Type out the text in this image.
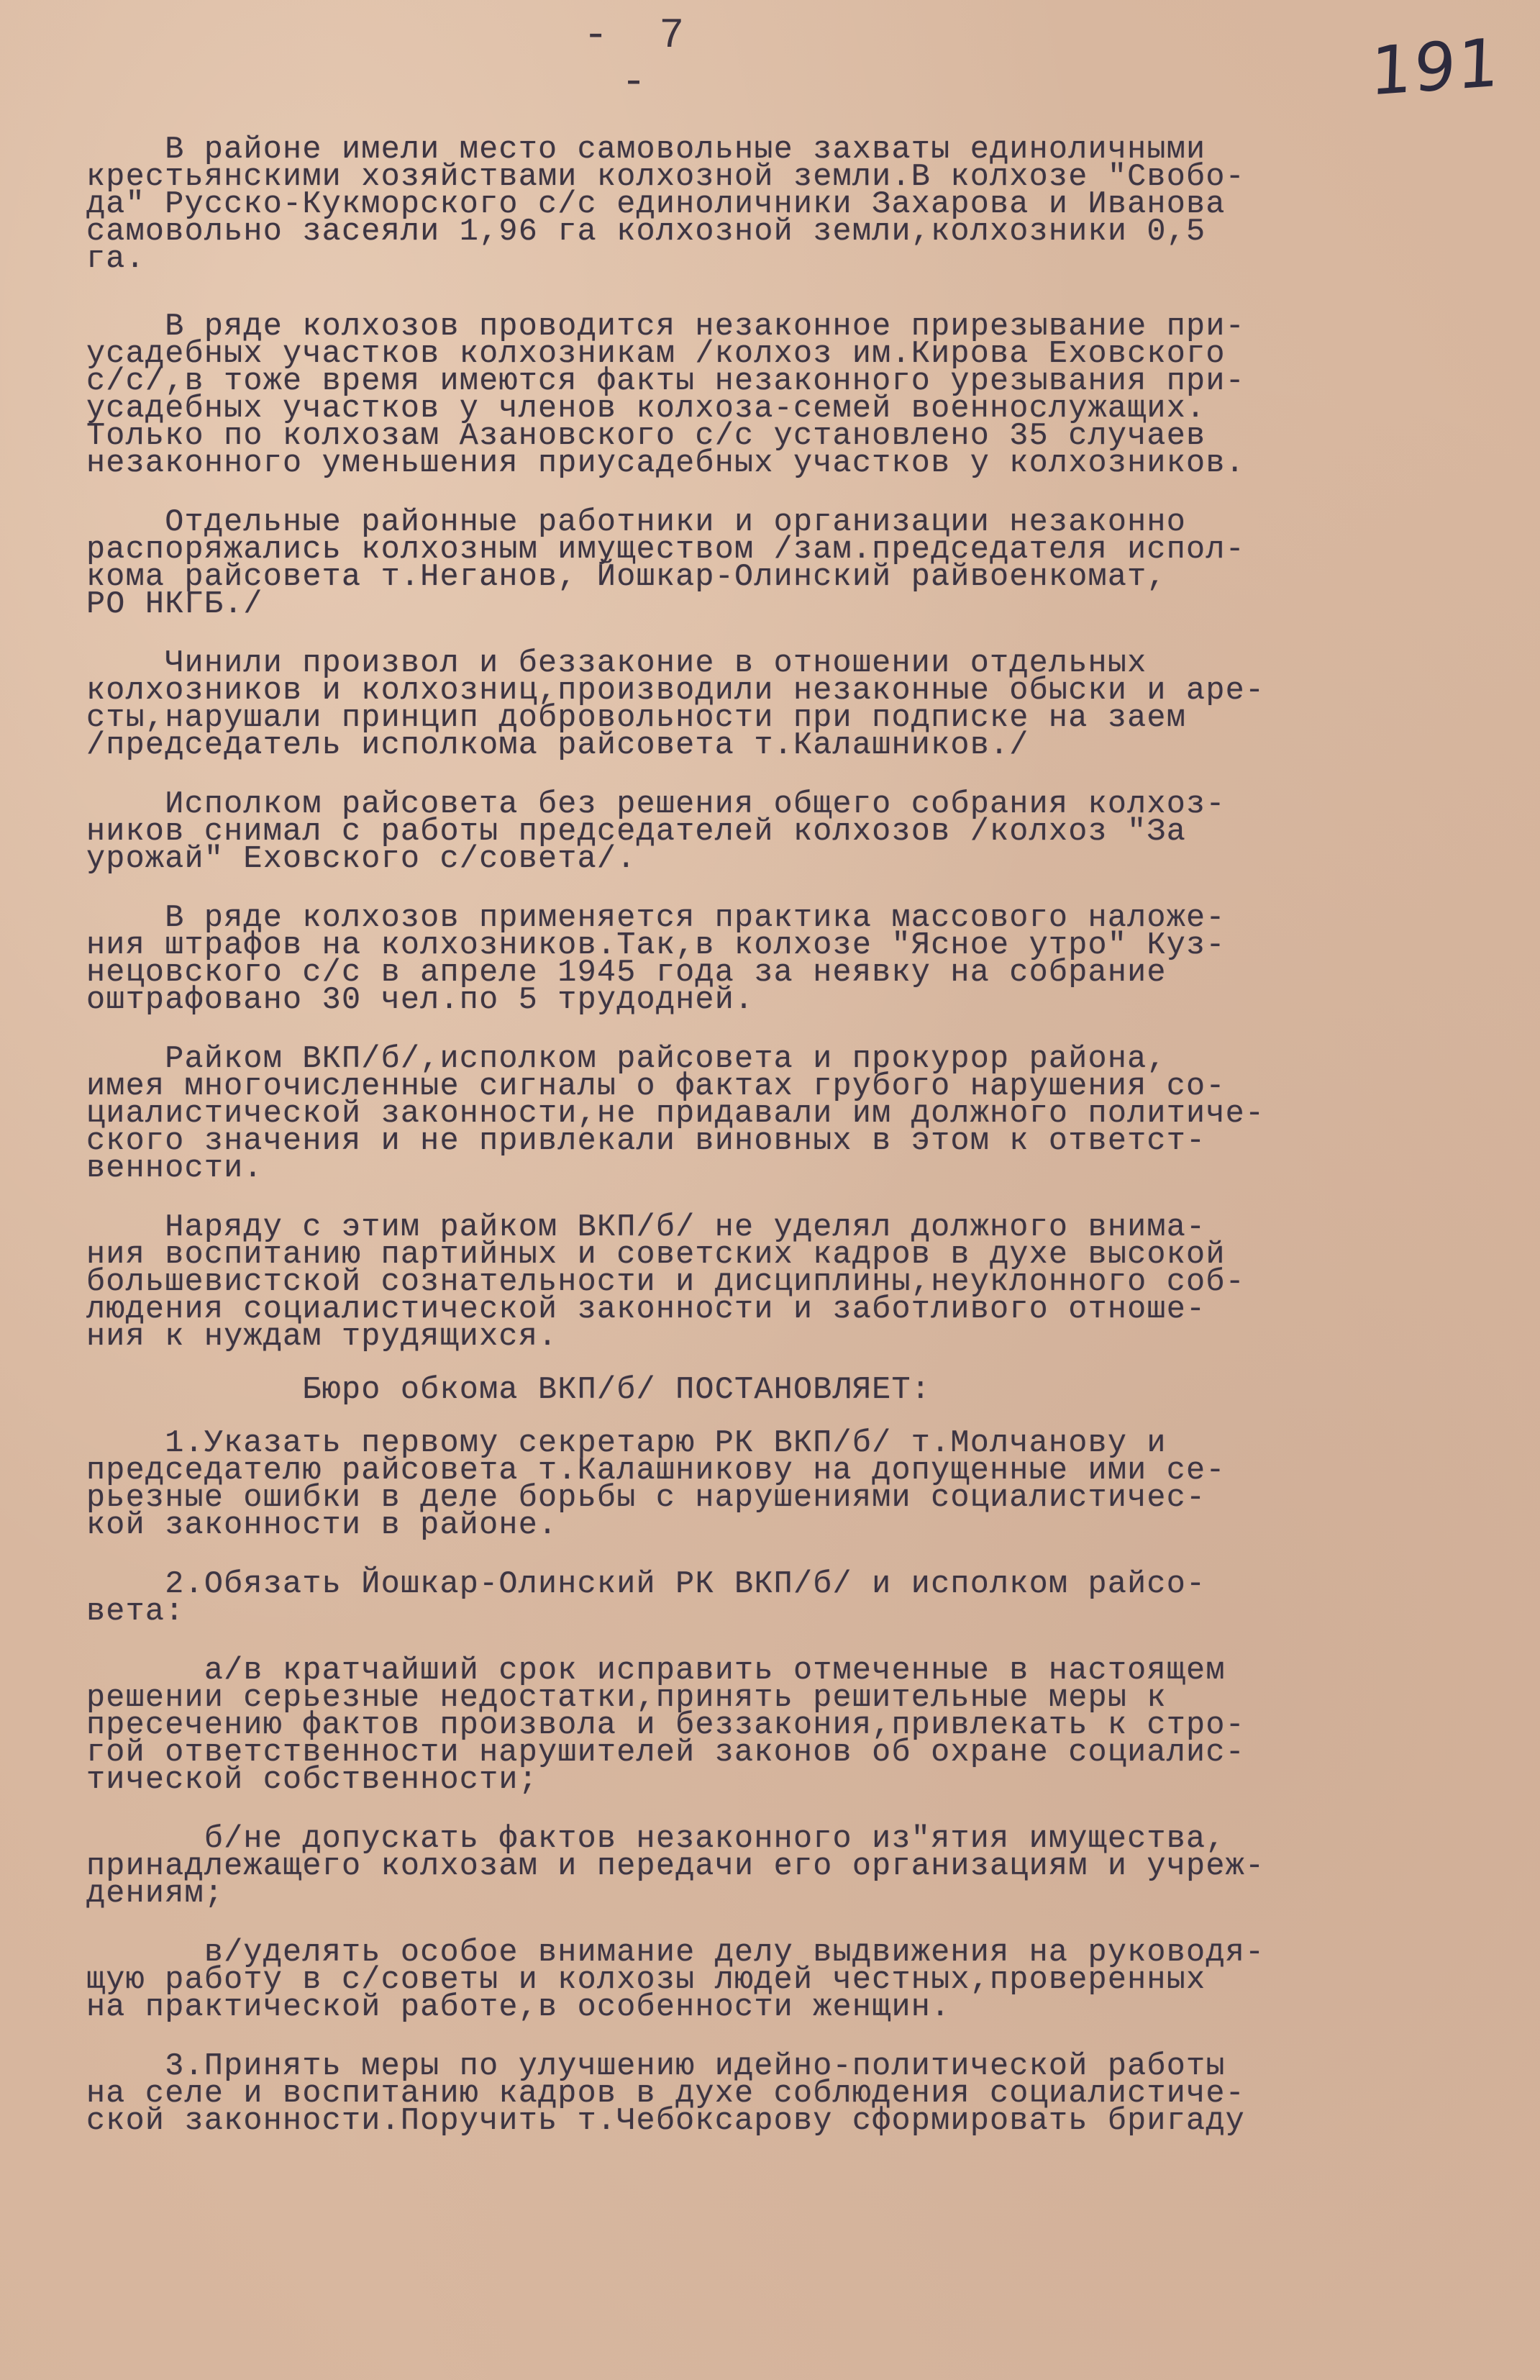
- 7 -	191
В районе имели место самовольные захваты единоличными
крестьянскими хозяйствами колхозной земли.В колхозе "Свобо-
да" Русско-Кукморского с/с единоличники Захарова и Иванова
самовольно засеяли 1,96 га колхозной земли,колхозники 0,5
га.
В ряде колхозов проводится незаконное прирезывание при-
усадебных участков колхозникам /колхоз им.Кирова Еховского
с/с/,в тоже время имеются факты незаконного урезывания при-
усадебных участков у членов колхоза-семей военнослужащих.
Только по колхозам Азановского с/с установлено 35 случаев
незаконного уменьшения приусадебных участков у колхозников.
Отдельные районные работники и организации незаконно
распоряжались колхозным имуществом /зам.председателя испол-
кома райсовета т.Неганов, Йошкар-Олинский райвоенкомат,
РО НКГБ./
Чинили произвол и беззаконие в отношении отдельных
колхозников и колхозниц,производили незаконные обыски и аре-
сты,нарушали принцип добровольности при подписке на заем
/председатель исполкома райсовета т.Калашников./
Исполком райсовета без решения общего собрания колхоз-
ников снимал с работы председателей колхозов /колхоз "За
урожай" Еховского с/совета/.
В ряде колхозов применяется практика массового наложе-
ния штрафов на колхозников.Так,в колхозе "Ясное утро" Куз-
нецовского с/с в апреле 1945 года за неявку на собрание
оштрафовано 30 чел.по 5 трудодней.
Райком ВКП/б/,исполком райсовета и прокурор района,
имея многочисленные сигналы о фактах грубого нарушения со-
циалистической законности,не придавали им должного политиче-
ского значения и не привлекали виновных в этом к ответст-
венности.
Наряду с этим райком ВКП/б/ не уделял должного внима-
ния воспитанию партийных и советских кадров в духе высокой
большевистской сознательности и дисциплины,неуклонного соб-
людения социалистической законности и заботливого отноше-
ния к нуждам трудящихся.
Бюро обкома ВКП/б/ ПОСТАНОВЛЯЕТ:
1.Указать первому секретарю РК ВКП/б/ т.Молчанову и
председателю райсовета т.Калашникову на допущенные ими се-
рьезные ошибки в деле борьбы с нарушениями социалистичес-
кой законности в районе.
2.Обязать Йошкар-Олинский РК ВКП/б/ и исполком райсо-
вета:
а/в кратчайший срок исправить отмеченные в настоящем
решении серьезные недостатки,принять решительные меры к
пресечению фактов произвола и беззакония,привлекать к стро-
гой ответственности нарушителей законов об охране социалис-
тической собственности;
б/не допускать фактов незаконного из"ятия имущества,
принадлежащего колхозам и передачи его организациям и учреж-
дениям;
в/уделять особое внимание делу выдвижения на руководя-
щую работу в с/советы и колхозы людей честных,проверенных
на практической работе,в особенности женщин.
3.Принять меры по улучшению идейно-политической работы
на селе и воспитанию кадров в духе соблюдения социалистиче-
ской законности.Поручить т.Чебоксарову сформировать бригаду
